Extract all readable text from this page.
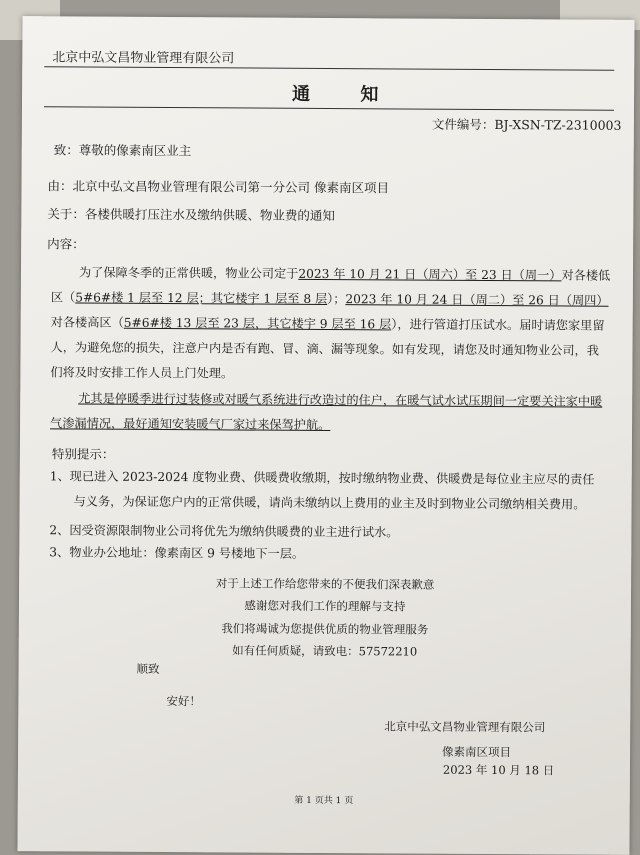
北京中弘文昌物业管理有限公司
通 知
文件编号：BJ-XSN-TZ-2310003
致：尊敬的像素南区业主
由：北京中弘文昌物业管理有限公司第一分公司 像素南区项目
关于：各楼供暖打压注水及缴纳供暖、物业费的通知
内容：
为了保障冬季的正常供暖，物业公司定于2023 年 10 月 21 日（周六）至 23 日（周一）对各楼低区（5#6#楼 1 层至 12 层；其它楼宇 1 层至 8 层）；2023 年 10 月 24 日（周二）至 26 日（周四）对各楼高区（5#6#楼 13 层至 23 层，其它楼宇 9 层至 16 层），进行管道打压试水。届时请您家里留人，为避免您的损失，注意户内是否有跑、冒、滴、漏等现象。如有发现，请您及时通知物业公司，我们将及时安排工作人员上门处理。
尤其是停暖季进行过装修或对暖气系统进行改造过的住户，在暖气试水试压期间一定要关注家中暖气渗漏情况，最好通知安装暖气厂家过来保驾护航。
特别提示：
1、现已进入 2023-2024 度物业费、供暖费收缴期，按时缴纳物业费、供暖费是每位业主应尽的责任与义务，为保证您户内的正常供暖，请尚未缴纳以上费用的业主及时到物业公司缴纳相关费用。
2、因受资源限制物业公司将优先为缴纳供暖费的业主进行试水。
3、物业办公地址：像素南区 9 号楼地下一层。
对于上述工作给您带来的不便我们深表歉意
感谢您对我们工作的理解与支持
我们将竭诚为您提供优质的物业管理服务
如有任何质疑，请致电：57572210
顺致
安好！
北京中弘文昌物业管理有限公司
像素南区项目
2023 年 10 月 18 日
第 1 页共 1 页
